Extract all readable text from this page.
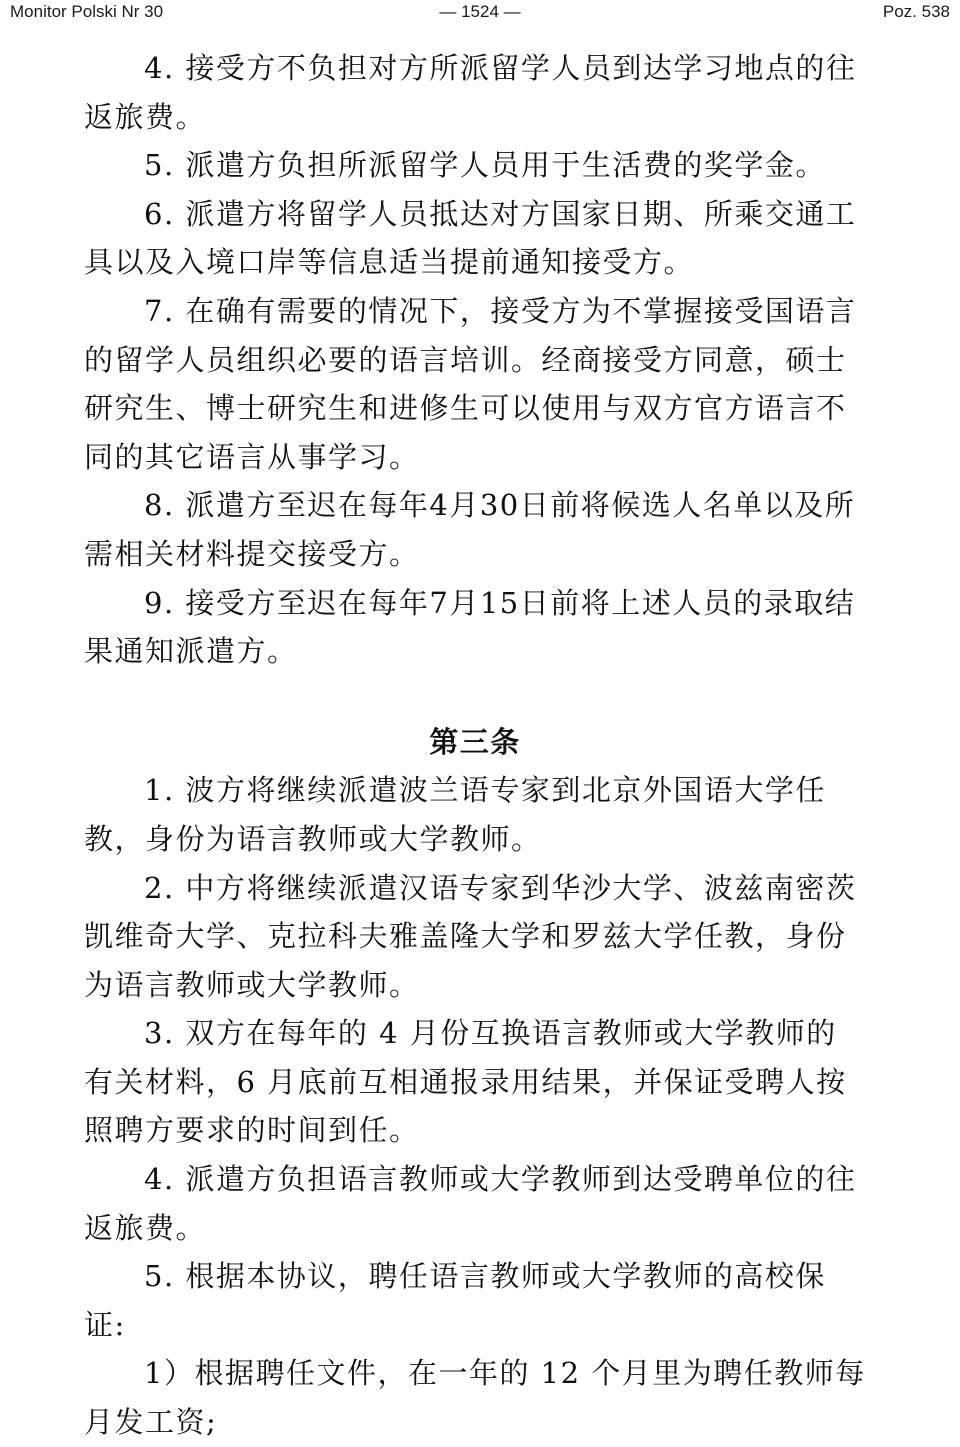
Monitor Polski Nr 30	— 1524 —	Poz. 538

4. 接受方不负担对方所派留学人员到达学习地点的往返旅费。

5. 派遣方负担所派留学人员用于生活费的奖学金。

6. 派遣方将留学人员抵达对方国家日期、所乘交通工具以及入境口岸等信息适当提前通知接受方。

7. 在确有需要的情况下，接受方为不掌握接受国语言的留学人员组织必要的语言培训。经商接受方同意，硕士研究生、博士研究生和进修生可以使用与双方官方语言不同的其它语言从事学习。

8. 派遣方至迟在每年4月30日前将候选人名单以及所需相关材料提交接受方。

9. 接受方至迟在每年7月15日前将上述人员的录取结果通知派遣方。

第三条

1. 波方将继续派遣波兰语专家到北京外国语大学任教，身份为语言教师或大学教师。

2. 中方将继续派遣汉语专家到华沙大学、波兹南密茨凯维奇大学、克拉科夫雅盖隆大学和罗兹大学任教，身份为语言教师或大学教师。

3. 双方在每年的 4 月份互换语言教师或大学教师的有关材料，6 月底前互相通报录用结果，并保证受聘人按照聘方要求的时间到任。

4. 派遣方负担语言教师或大学教师到达受聘单位的往返旅费。

5. 根据本协议，聘任语言教师或大学教师的高校保证:

1）根据聘任文件，在一年的 12 个月里为聘任教师每月发工资;
